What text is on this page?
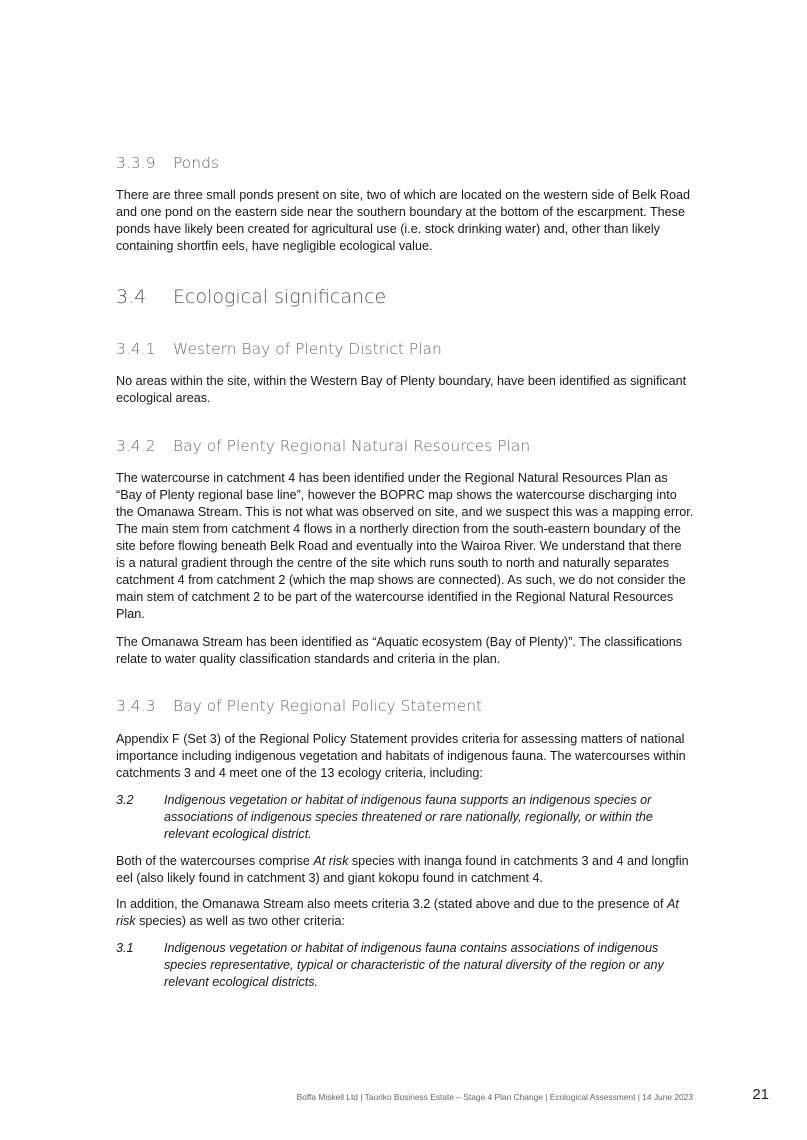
3.3.9	Ponds

There are three small ponds present on site, two of which are located on the western side of Belk Road and one pond on the eastern side near the southern boundary at the bottom of the escarpment. These ponds have likely been created for agricultural use (i.e. stock drinking water) and, other than likely containing shortfin eels, have negligible ecological value.

3.4	Ecological significance
3.4.1	Western Bay of Plenty District Plan

No areas within the site, within the Western Bay of Plenty boundary, have been identified as significant ecological areas.

3.4.2	Bay of Plenty Regional Natural Resources Plan

The watercourse in catchment 4 has been identified under the Regional Natural Resources Plan as “Bay of Plenty regional base line”, however the BOPRC map shows the watercourse discharging into the Omanawa Stream. This is not what was observed on site, and we suspect this was a mapping error. The main stem from catchment 4 flows in a northerly direction from the south-eastern boundary of the site before flowing beneath Belk Road and eventually into the Wairoa River. We understand that there is a natural gradient through the centre of the site which runs south to north and naturally separates catchment 4 from catchment 2 (which the map shows are connected). As such, we do not consider the main stem of catchment 2 to be part of the watercourse identified in the Regional Natural Resources Plan.

The Omanawa Stream has been identified as “Aquatic ecosystem (Bay of Plenty)”. The classifications relate to water quality classification standards and criteria in the plan.

3.4.3	Bay of Plenty Regional Policy Statement

Appendix F (Set 3) of the Regional Policy Statement provides criteria for assessing matters of national importance including indigenous vegetation and habitats of indigenous fauna. The watercourses within catchments 3 and 4 meet one of the 13 ecology criteria, including:

3.2	Indigenous vegetation or habitat of indigenous fauna supports an indigenous species or associations of indigenous species threatened or rare nationally, regionally, or within the relevant ecological district.

Both of the watercourses comprise At risk species with inanga found in catchments 3 and 4 and longfin eel (also likely found in catchment 3) and giant kokopu found in catchment 4.

In addition, the Omanawa Stream also meets criteria 3.2 (stated above and due to the presence of At risk species) as well as two other criteria:

3.1	Indigenous vegetation or habitat of indigenous fauna contains associations of indigenous species representative, typical or characteristic of the natural diversity of the region or any relevant ecological districts.
Boffa Miskell Ltd | Tauriko Business Estate – Stage 4 Plan Change | Ecological Assessment | 14 June 2023	21
